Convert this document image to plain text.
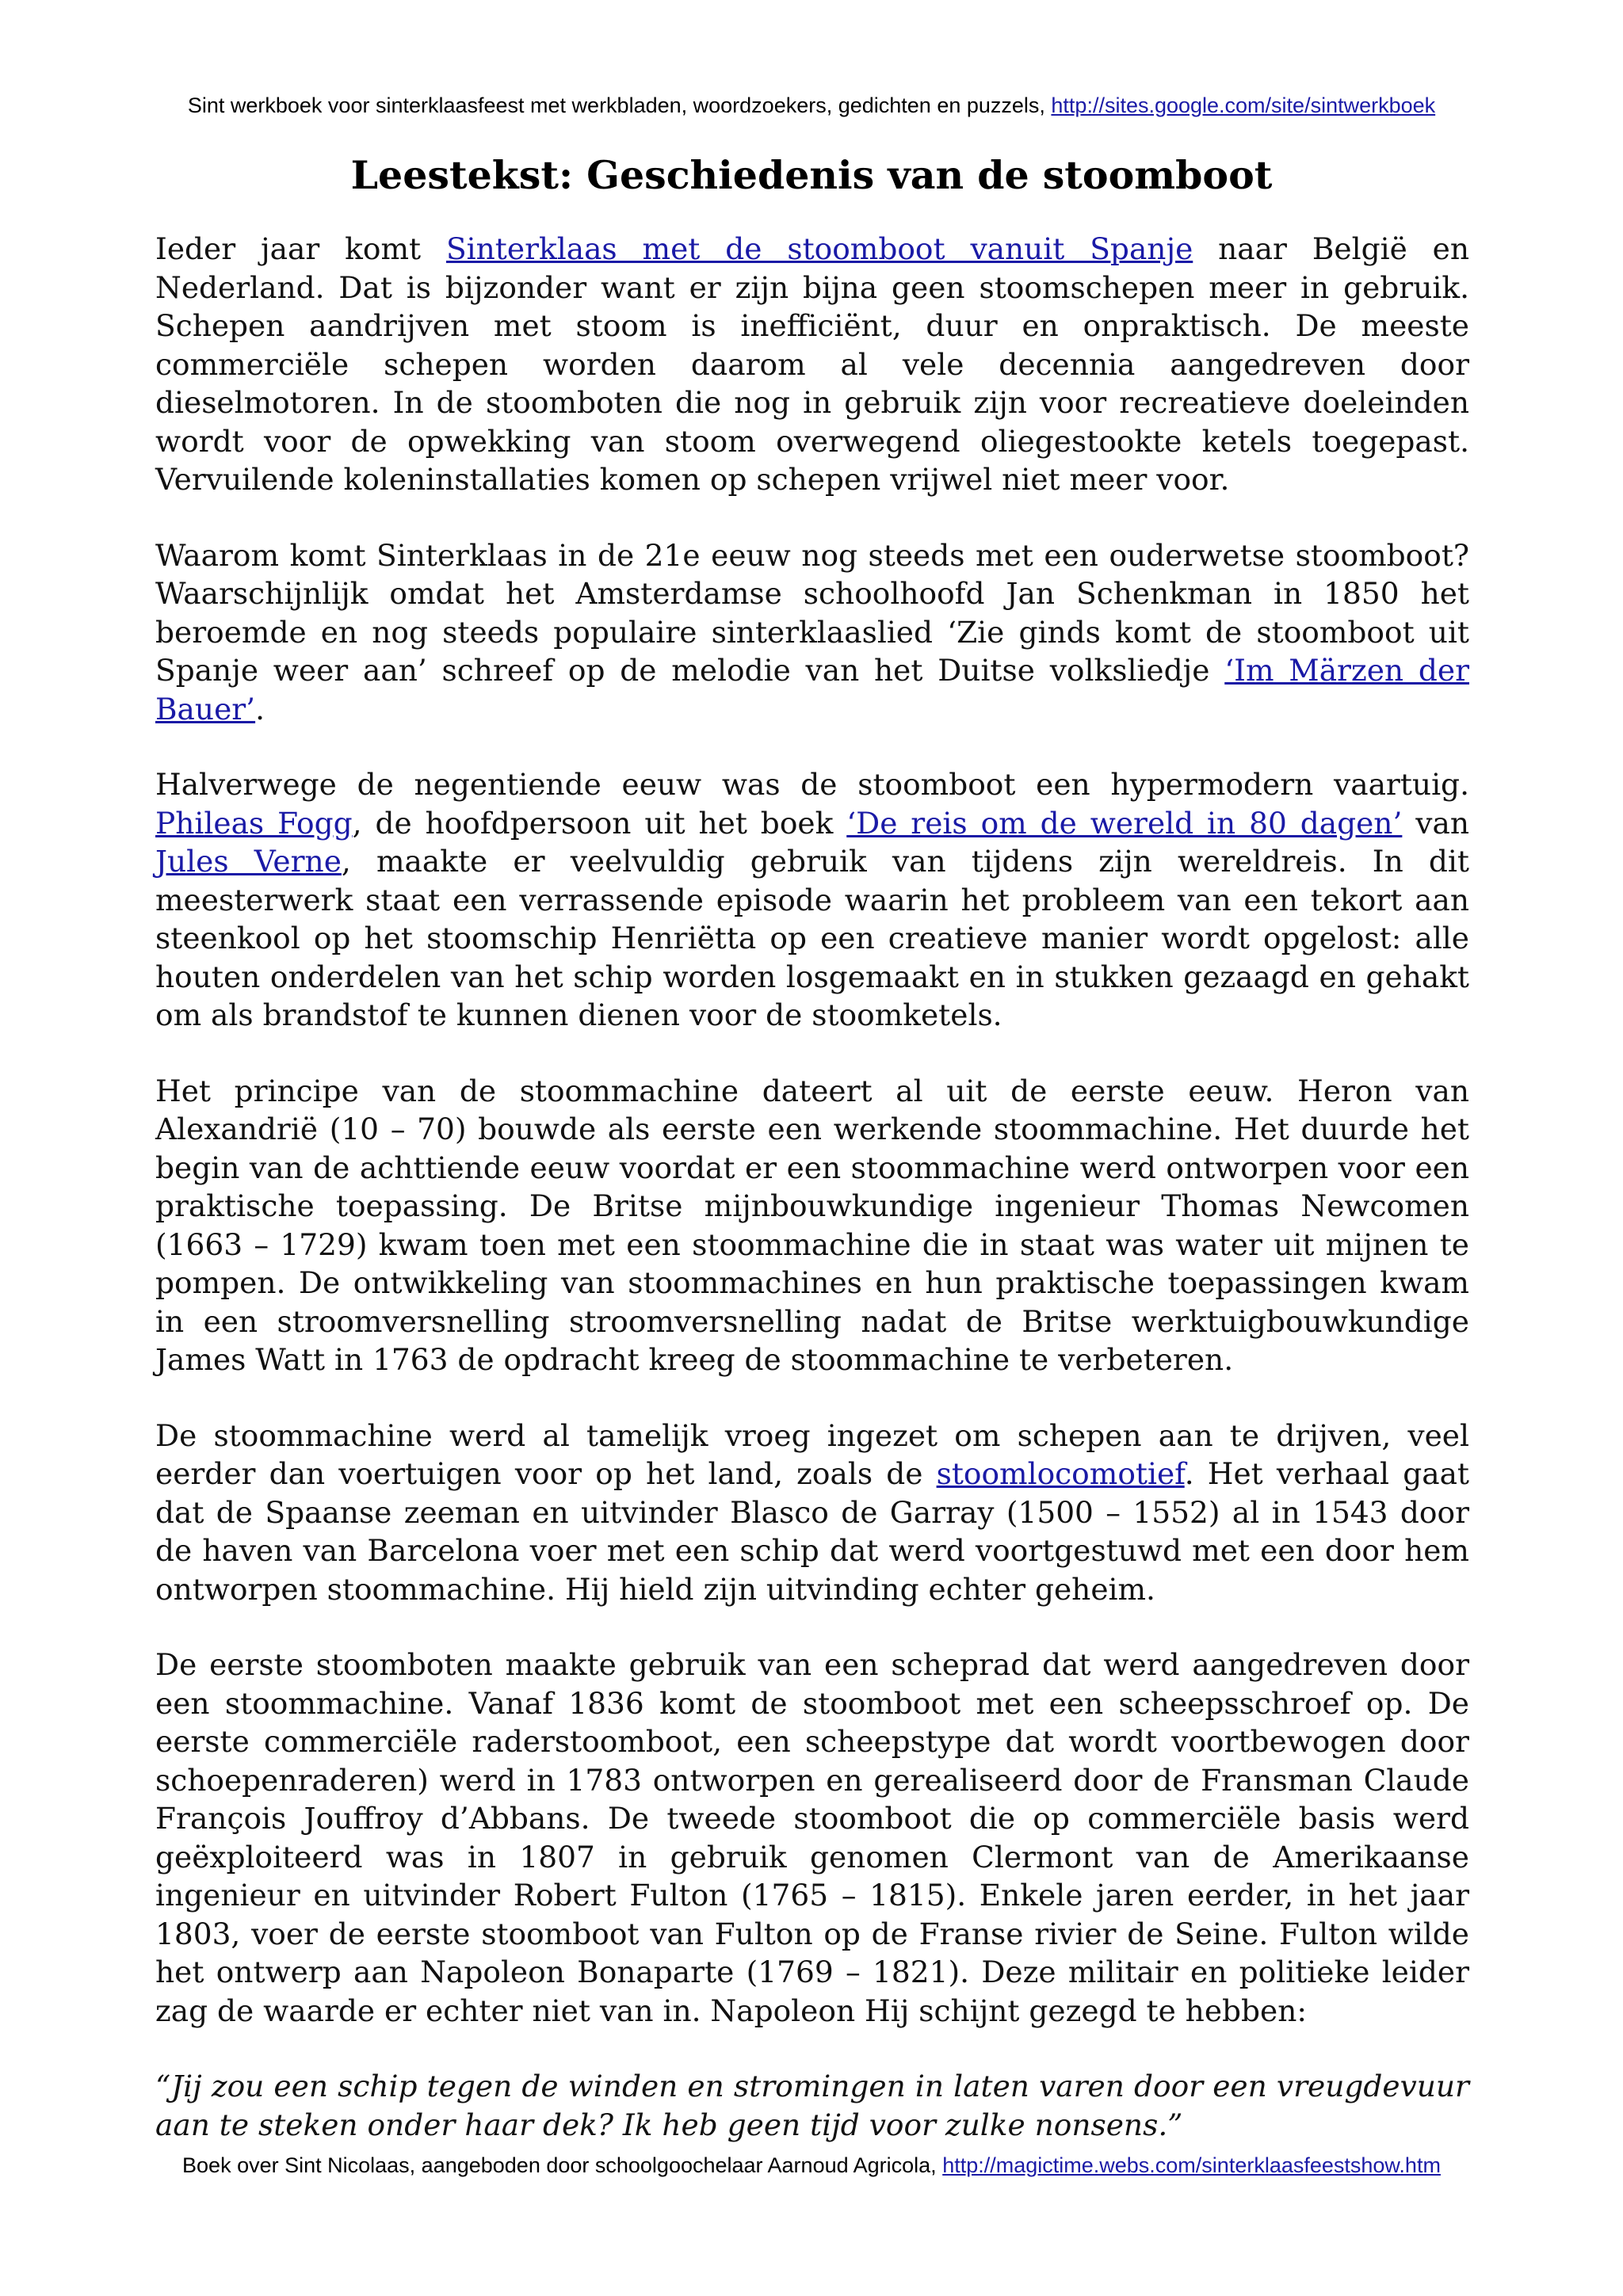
Sint werkboek voor sinterklaasfeest met werkbladen, woordzoekers, gedichten en puzzels, http://sites.google.com/site/sintwerkboek
Leestekst: Geschiedenis van de stoomboot

Ieder jaar komt Sinterklaas met de stoomboot vanuit Spanje naar België en Nederland. Dat is bijzonder want er zijn bijna geen stoomschepen meer in gebruik. Schepen aandrijven met stoom is inefficiënt, duur en onpraktisch. De meeste commerciële schepen worden daarom al vele decennia aangedreven door dieselmotoren. In de stoomboten die nog in gebruik zijn voor recreatieve doeleinden wordt voor de opwekking van stoom overwegend oliegestookte ketels toegepast. Vervuilende koleninstallaties komen op schepen vrijwel niet meer voor.

Waarom komt Sinterklaas in de 21e eeuw nog steeds met een ouderwetse stoomboot? Waarschijnlijk omdat het Amsterdamse schoolhoofd Jan Schenkman in 1850 het beroemde en nog steeds populaire sinterklaaslied ‘Zie ginds komt de stoomboot uit Spanje weer aan’ schreef op de melodie van het Duitse volksliedje ‘Im Märzen der Bauer’.

Halverwege de negentiende eeuw was de stoomboot een hypermodern vaartuig. Phileas Fogg, de hoofdpersoon uit het boek ‘De reis om de wereld in 80 dagen’ van Jules Verne, maakte er veelvuldig gebruik van tijdens zijn wereldreis. In dit meesterwerk staat een verrassende episode waarin het probleem van een tekort aan steenkool op het stoomschip Henriëtta op een creatieve manier wordt opgelost: alle houten onderdelen van het schip worden losgemaakt en in stukken gezaagd en gehakt om als brandstof te kunnen dienen voor de stoomketels.

Het principe van de stoommachine dateert al uit de eerste eeuw. Heron van Alexandrië (10 – 70) bouwde als eerste een werkende stoommachine. Het duurde het begin van de achttiende eeuw voordat er een stoommachine werd ontworpen voor een praktische toepassing. De Britse mijnbouwkundige ingenieur Thomas Newcomen (1663 – 1729) kwam toen met een stoommachine die in staat was water uit mijnen te pompen. De ontwikkeling van stoommachines en hun praktische toepassingen kwam in een stroomversnelling stroomversnelling nadat de Britse werktuigbouwkundige James Watt in 1763 de opdracht kreeg de stoommachine te verbeteren.

De stoommachine werd al tamelijk vroeg ingezet om schepen aan te drijven, veel eerder dan voertuigen voor op het land, zoals de stoomlocomotief. Het verhaal gaat dat de Spaanse zeeman en uitvinder Blasco de Garray (1500 – 1552) al in 1543 door de haven van Barcelona voer met een schip dat werd voortgestuwd met een door hem ontworpen stoommachine. Hij hield zijn uitvinding echter geheim.

De eerste stoomboten maakte gebruik van een scheprad dat werd aangedreven door een stoommachine. Vanaf 1836 komt de stoomboot met een scheepsschroef op. De eerste commerciële raderstoomboot, een scheepstype dat wordt voortbewogen door schoepenraderen) werd in 1783 ontworpen en gerealiseerd door de Fransman Claude François Jouffroy d’Abbans. De tweede stoomboot die op commerciële basis werd geëxploiteerd was in 1807 in gebruik genomen Clermont van de Amerikaanse ingenieur en uitvinder Robert Fulton (1765 – 1815). Enkele jaren eerder, in het jaar 1803, voer de eerste stoomboot van Fulton op de Franse rivier de Seine. Fulton wilde het ontwerp aan Napoleon Bonaparte (1769 – 1821). Deze militair en politieke leider zag de waarde er echter niet van in. Napoleon Hij schijnt gezegd te hebben:

“Jij zou een schip tegen de winden en stromingen in laten varen door een vreugdevuur aan te steken onder haar dek? Ik heb geen tijd voor zulke nonsens.”

Boek over Sint Nicolaas, aangeboden door schoolgoochelaar Aarnoud Agricola, http://magictime.webs.com/sinterklaasfeestshow.htm
